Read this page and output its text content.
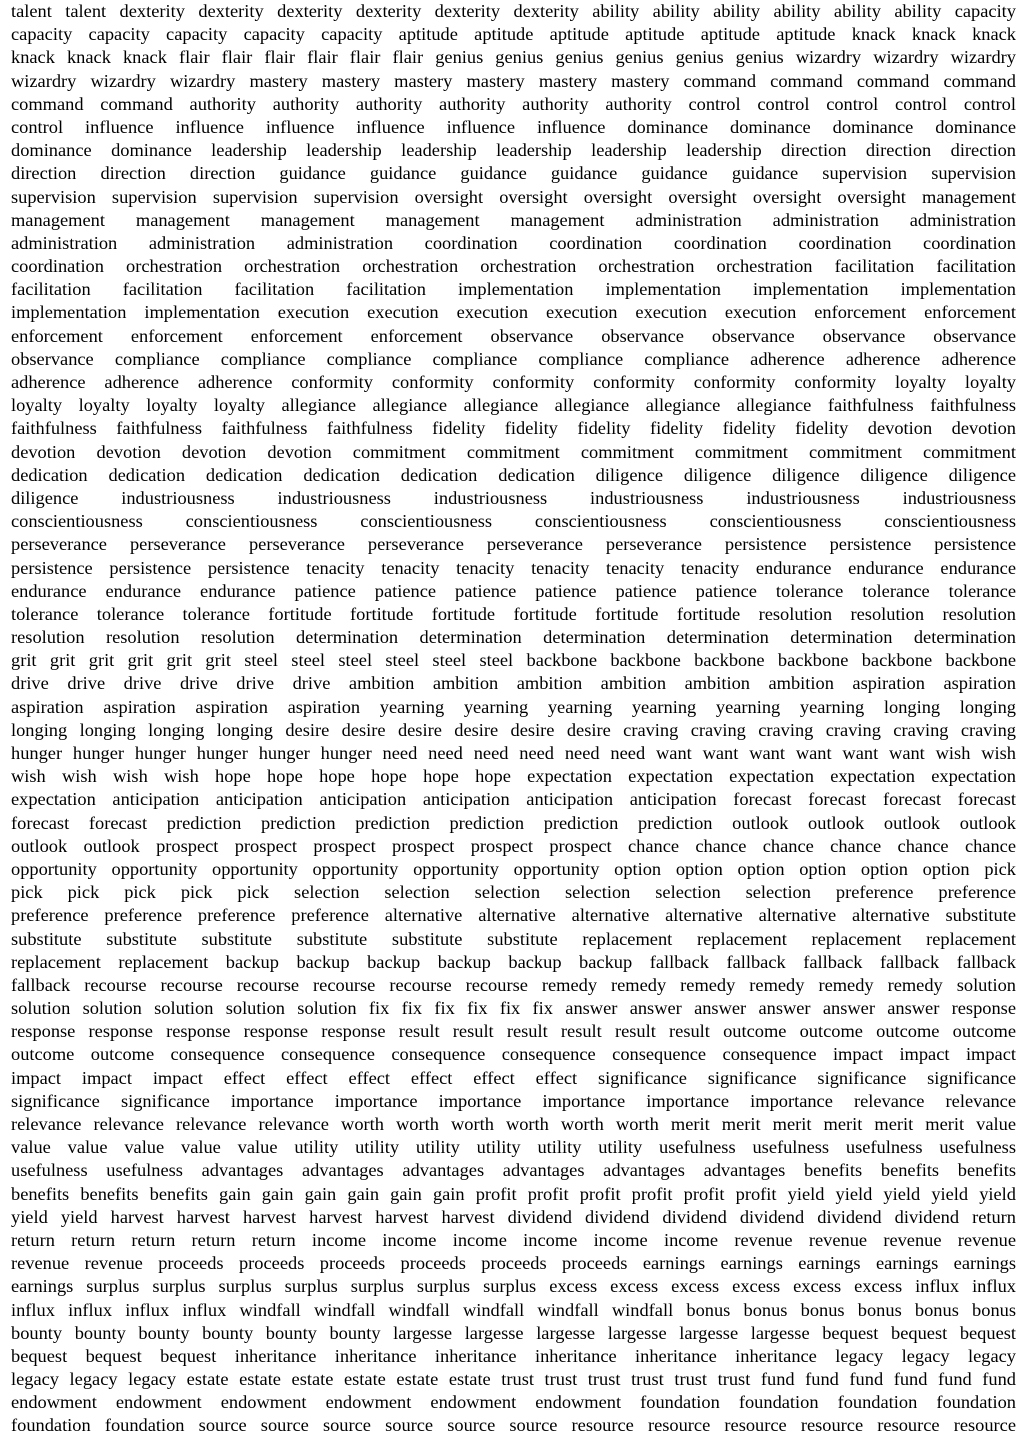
talent talent dexterity dexterity dexterity dexterity dexterity dexterity ability ability ability ability ability ability capacity
capacity capacity capacity capacity capacity aptitude aptitude aptitude aptitude aptitude aptitude knack knack knack
knack knack knack flair flair flair flair flair flair genius genius genius genius genius genius wizardry wizardry wizardry
wizardry wizardry wizardry mastery mastery mastery mastery mastery mastery command command command command
command command authority authority authority authority authority authority control control control control control
control influence influence influence influence influence influence dominance dominance dominance dominance
dominance dominance leadership leadership leadership leadership leadership leadership direction direction direction
direction direction direction guidance guidance guidance guidance guidance guidance supervision supervision
supervision supervision supervision supervision oversight oversight oversight oversight oversight oversight management
management management management management management administration administration administration
administration administration administration coordination coordination coordination coordination coordination
coordination orchestration orchestration orchestration orchestration orchestration orchestration facilitation facilitation
facilitation facilitation facilitation facilitation implementation implementation implementation implementation
implementation implementation execution execution execution execution execution execution enforcement enforcement
enforcement enforcement enforcement enforcement observance observance observance observance observance
observance compliance compliance compliance compliance compliance compliance adherence adherence adherence
adherence adherence adherence conformity conformity conformity conformity conformity conformity loyalty loyalty
loyalty loyalty loyalty loyalty allegiance allegiance allegiance allegiance allegiance allegiance faithfulness faithfulness
faithfulness faithfulness faithfulness faithfulness fidelity fidelity fidelity fidelity fidelity fidelity devotion devotion
devotion devotion devotion devotion commitment commitment commitment commitment commitment commitment
dedication dedication dedication dedication dedication dedication diligence diligence diligence diligence diligence
diligence industriousness industriousness industriousness industriousness industriousness industriousness
conscientiousness conscientiousness conscientiousness conscientiousness conscientiousness conscientiousness
perseverance perseverance perseverance perseverance perseverance perseverance persistence persistence persistence
persistence persistence persistence tenacity tenacity tenacity tenacity tenacity tenacity endurance endurance endurance
endurance endurance endurance patience patience patience patience patience patience tolerance tolerance tolerance
tolerance tolerance tolerance fortitude fortitude fortitude fortitude fortitude fortitude resolution resolution resolution
resolution resolution resolution determination determination determination determination determination determination
grit grit grit grit grit grit steel steel steel steel steel steel backbone backbone backbone backbone backbone backbone
drive drive drive drive drive drive ambition ambition ambition ambition ambition ambition aspiration aspiration
aspiration aspiration aspiration aspiration yearning yearning yearning yearning yearning yearning longing longing
longing longing longing longing desire desire desire desire desire desire craving craving craving craving craving craving
hunger hunger hunger hunger hunger hunger need need need need need need want want want want want want wish wish
wish wish wish wish hope hope hope hope hope hope expectation expectation expectation expectation expectation
expectation anticipation anticipation anticipation anticipation anticipation anticipation forecast forecast forecast forecast
forecast forecast prediction prediction prediction prediction prediction prediction outlook outlook outlook outlook
outlook outlook prospect prospect prospect prospect prospect prospect chance chance chance chance chance chance
opportunity opportunity opportunity opportunity opportunity opportunity option option option option option option pick
pick pick pick pick pick selection selection selection selection selection selection preference preference
preference preference preference preference alternative alternative alternative alternative alternative alternative substitute
substitute substitute substitute substitute substitute substitute replacement replacement replacement replacement
replacement replacement backup backup backup backup backup backup fallback fallback fallback fallback fallback
fallback recourse recourse recourse recourse recourse recourse remedy remedy remedy remedy remedy remedy solution
solution solution solution solution solution fix fix fix fix fix fix answer answer answer answer answer answer response
response response response response response result result result result result result outcome outcome outcome outcome
outcome outcome consequence consequence consequence consequence consequence consequence impact impact impact
impact impact impact effect effect effect effect effect effect significance significance significance significance
significance significance importance importance importance importance importance importance relevance relevance
relevance relevance relevance relevance worth worth worth worth worth worth merit merit merit merit merit merit value
value value value value value utility utility utility utility utility utility usefulness usefulness usefulness usefulness
usefulness usefulness advantages advantages advantages advantages advantages advantages benefits benefits benefits
benefits benefits benefits gain gain gain gain gain gain profit profit profit profit profit profit yield yield yield yield yield
yield yield harvest harvest harvest harvest harvest harvest dividend dividend dividend dividend dividend dividend return
return return return return return income income income income income income revenue revenue revenue revenue
revenue revenue proceeds proceeds proceeds proceeds proceeds proceeds earnings earnings earnings earnings earnings
earnings surplus surplus surplus surplus surplus surplus surplus excess excess excess excess excess excess influx influx
influx influx influx influx windfall windfall windfall windfall windfall windfall bonus bonus bonus bonus bonus bonus
bounty bounty bounty bounty bounty bounty largesse largesse largesse largesse largesse largesse bequest bequest bequest
bequest bequest bequest inheritance inheritance inheritance inheritance inheritance inheritance legacy legacy legacy
legacy legacy legacy estate estate estate estate estate estate trust trust trust trust trust trust fund fund fund fund fund fund
endowment endowment endowment endowment endowment endowment foundation foundation foundation foundation
foundation foundation source source source source source source resource resource resource resource resource resource
